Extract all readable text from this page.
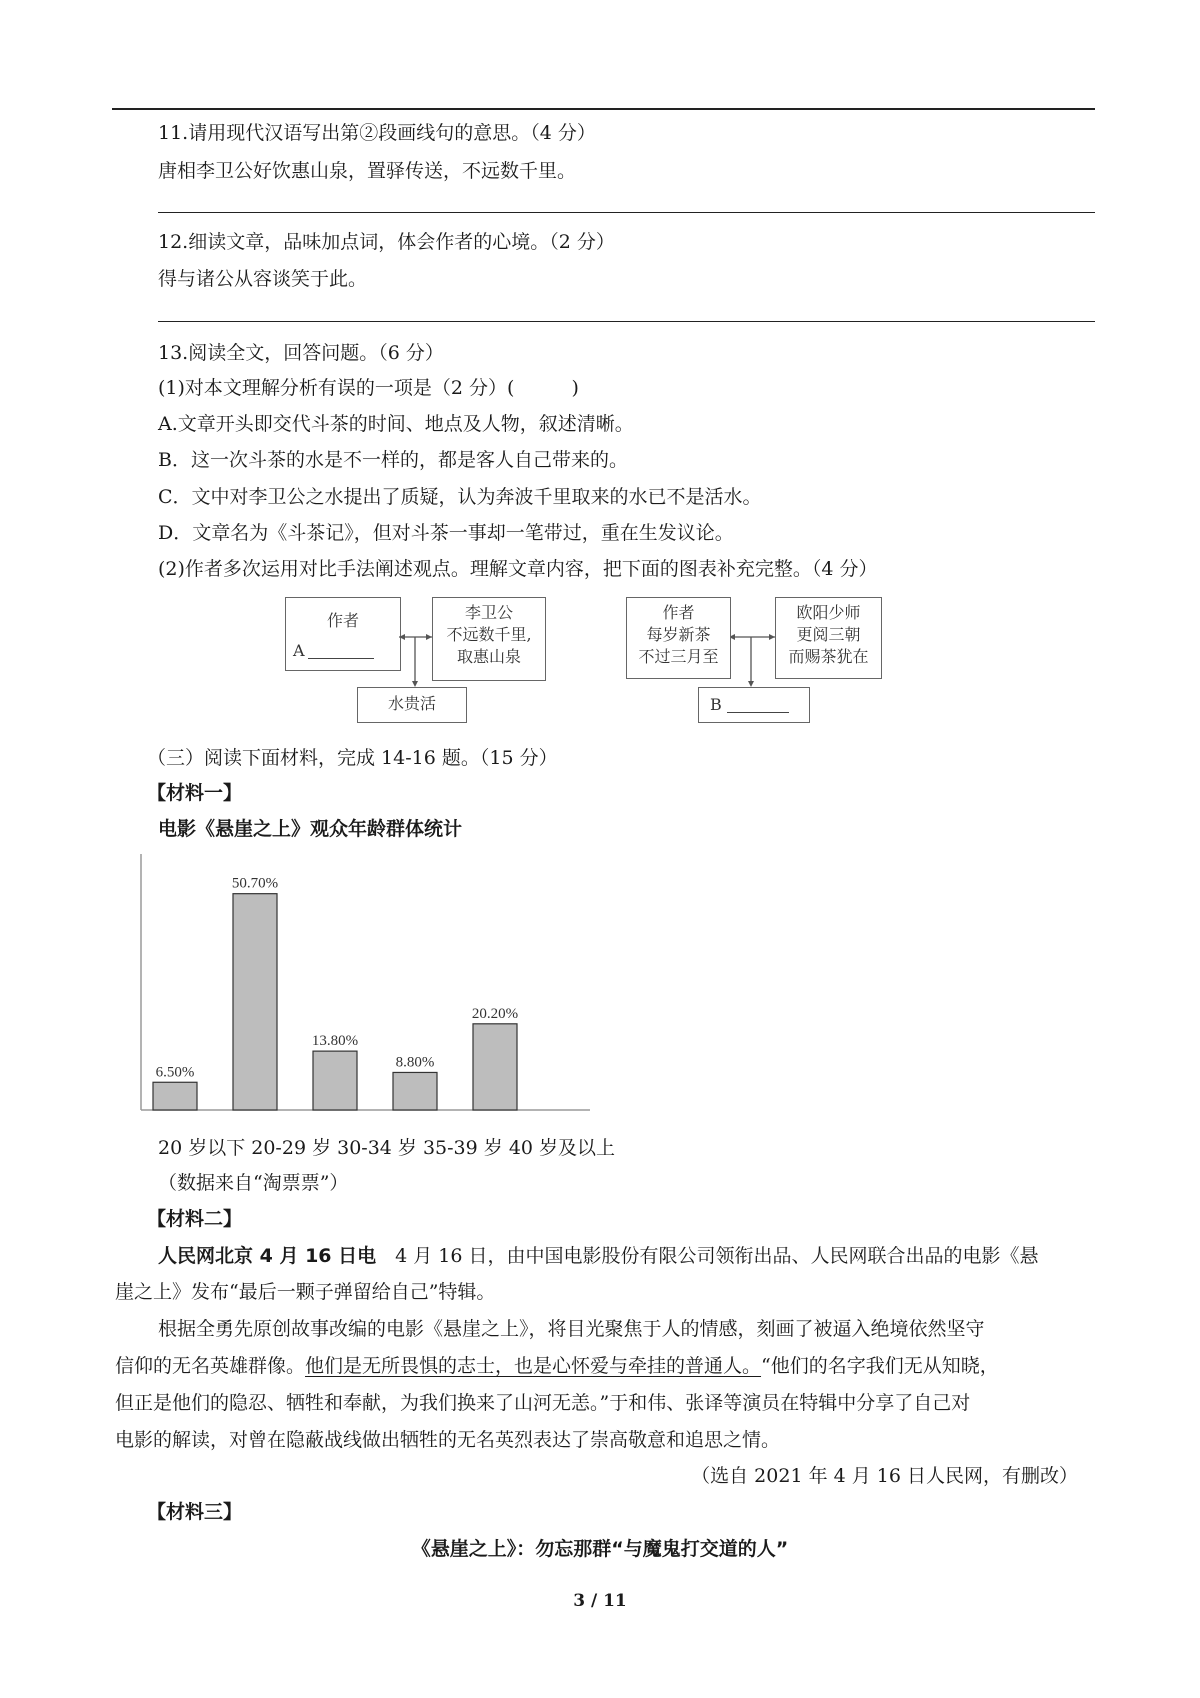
11.请用现代汉语写出第②段画线句的意思。（4 分）
唐相李卫公好饮惠山泉，置驿传送，不远数千里。
12.细读文章，品味加点词，体会作者的心境。（2 分）
得与诸公从容谈笑于此。
13.阅读全文，回答问题。（6 分）
(1)对本文理解分析有误的一项是（2 分）(　　　)
A.文章开头即交代斗茶的时间、地点及人物，叙述清晰。
B．这一次斗茶的水是不一样的，都是客人自己带来的。
C．文中对李卫公之水提出了质疑，认为奔波千里取来的水已不是活水。
D．文章名为《斗茶记》，但对斗茶一事却一笔带过，重在生发议论。
(2)作者多次运用对比手法阐述观点。理解文章内容，把下面的图表补充完整。（4 分）
作者
A
李卫公
不远数千里,
取惠山泉
水贵活
作者
每岁新茶
不过三月至
欧阳少师
更阅三朝
而赐茶犹在
B
（三）阅读下面材料，完成 14-16 题。（15 分）
【材料一】
电影《悬崖之上》观众年龄群体统计
6.50%
50.70%
13.80%
8.80%
20.20%
20 岁以下 20-29 岁 30-34 岁 35-39 岁 40 岁及以上
（数据来自“淘票票”）
【材料二】
人民网北京 4 月 16 日电　4 月 16 日，由中国电影股份有限公司领衔出品、人民网联合出品的电影《悬
崖之上》发布“最后一颗子弹留给自己”特辑。
根据全勇先原创故事改编的电影《悬崖之上》，将目光聚焦于人的情感，刻画了被逼入绝境依然坚守
信仰的无名英雄群像。他们是无所畏惧的志士，也是心怀爱与牵挂的普通人。“他们的名字我们无从知晓，
但正是他们的隐忍、牺牲和奉献，为我们换来了山河无恙。”于和伟、张译等演员在特辑中分享了自己对
电影的解读，对曾在隐蔽战线做出牺牲的无名英烈表达了崇高敬意和追思之情。
（选自 2021 年 4 月 16 日人民网，有删改）
【材料三】
《悬崖之上》：勿忘那群“与魔鬼打交道的人”
3 / 11
